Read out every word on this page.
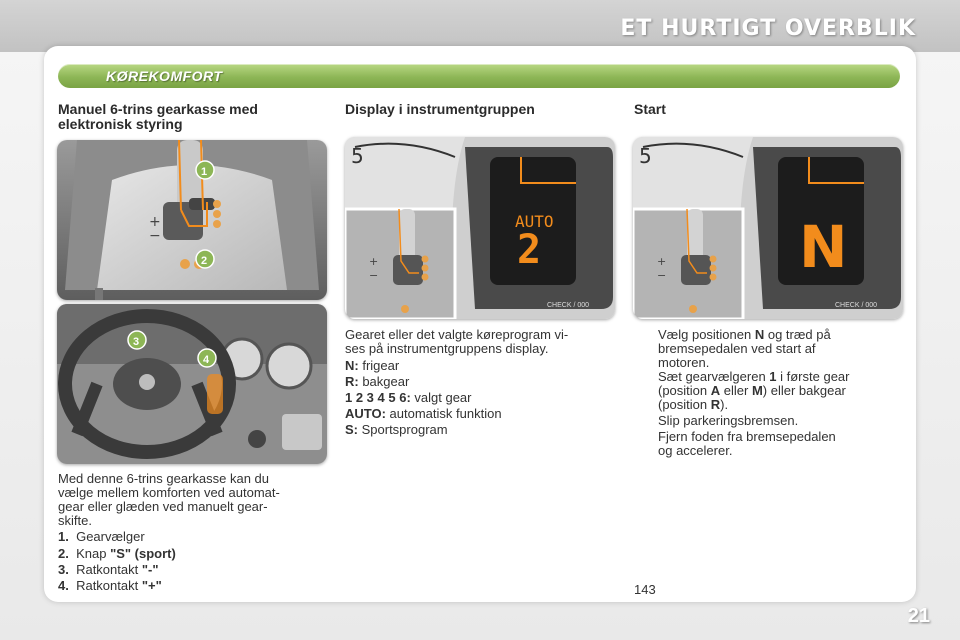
ET HURTIGT OVERBLIK
KØREKOMFORT
Manuel 6-trins gearkasse med
elektronisk styring
+
−
1
2
3
4
Med denne 6-trins gearkasse kan du
vælge mellem komforten ved automat-
gear eller glæden ved manuelt gear-
skifte.
1. Gearvælger
2. Knap "S" (sport)
3. Ratkontakt "-"
4. Ratkontakt "+"
Display i instrumentgruppen
5
AUTO
2
CHECK / 000
+
−
Gearet eller det valgte køreprogram vi-
ses på instrumentgruppens display.
N: frigear
R: bakgear
1 2 3 4 5 6: valgt gear
AUTO: automatisk funktion
S: Sportsprogram
Start
5
N
CHECK / 000
+
−
Vælg positionen N og træd på
bremsepedalen ved start af
motoren.
Sæt gearvælgeren 1 i første gear
(position A eller M) eller bakgear
(position R).
Slip parkeringsbremsen.
Fjern foden fra bremsepedalen
og accelerer.
143
21
